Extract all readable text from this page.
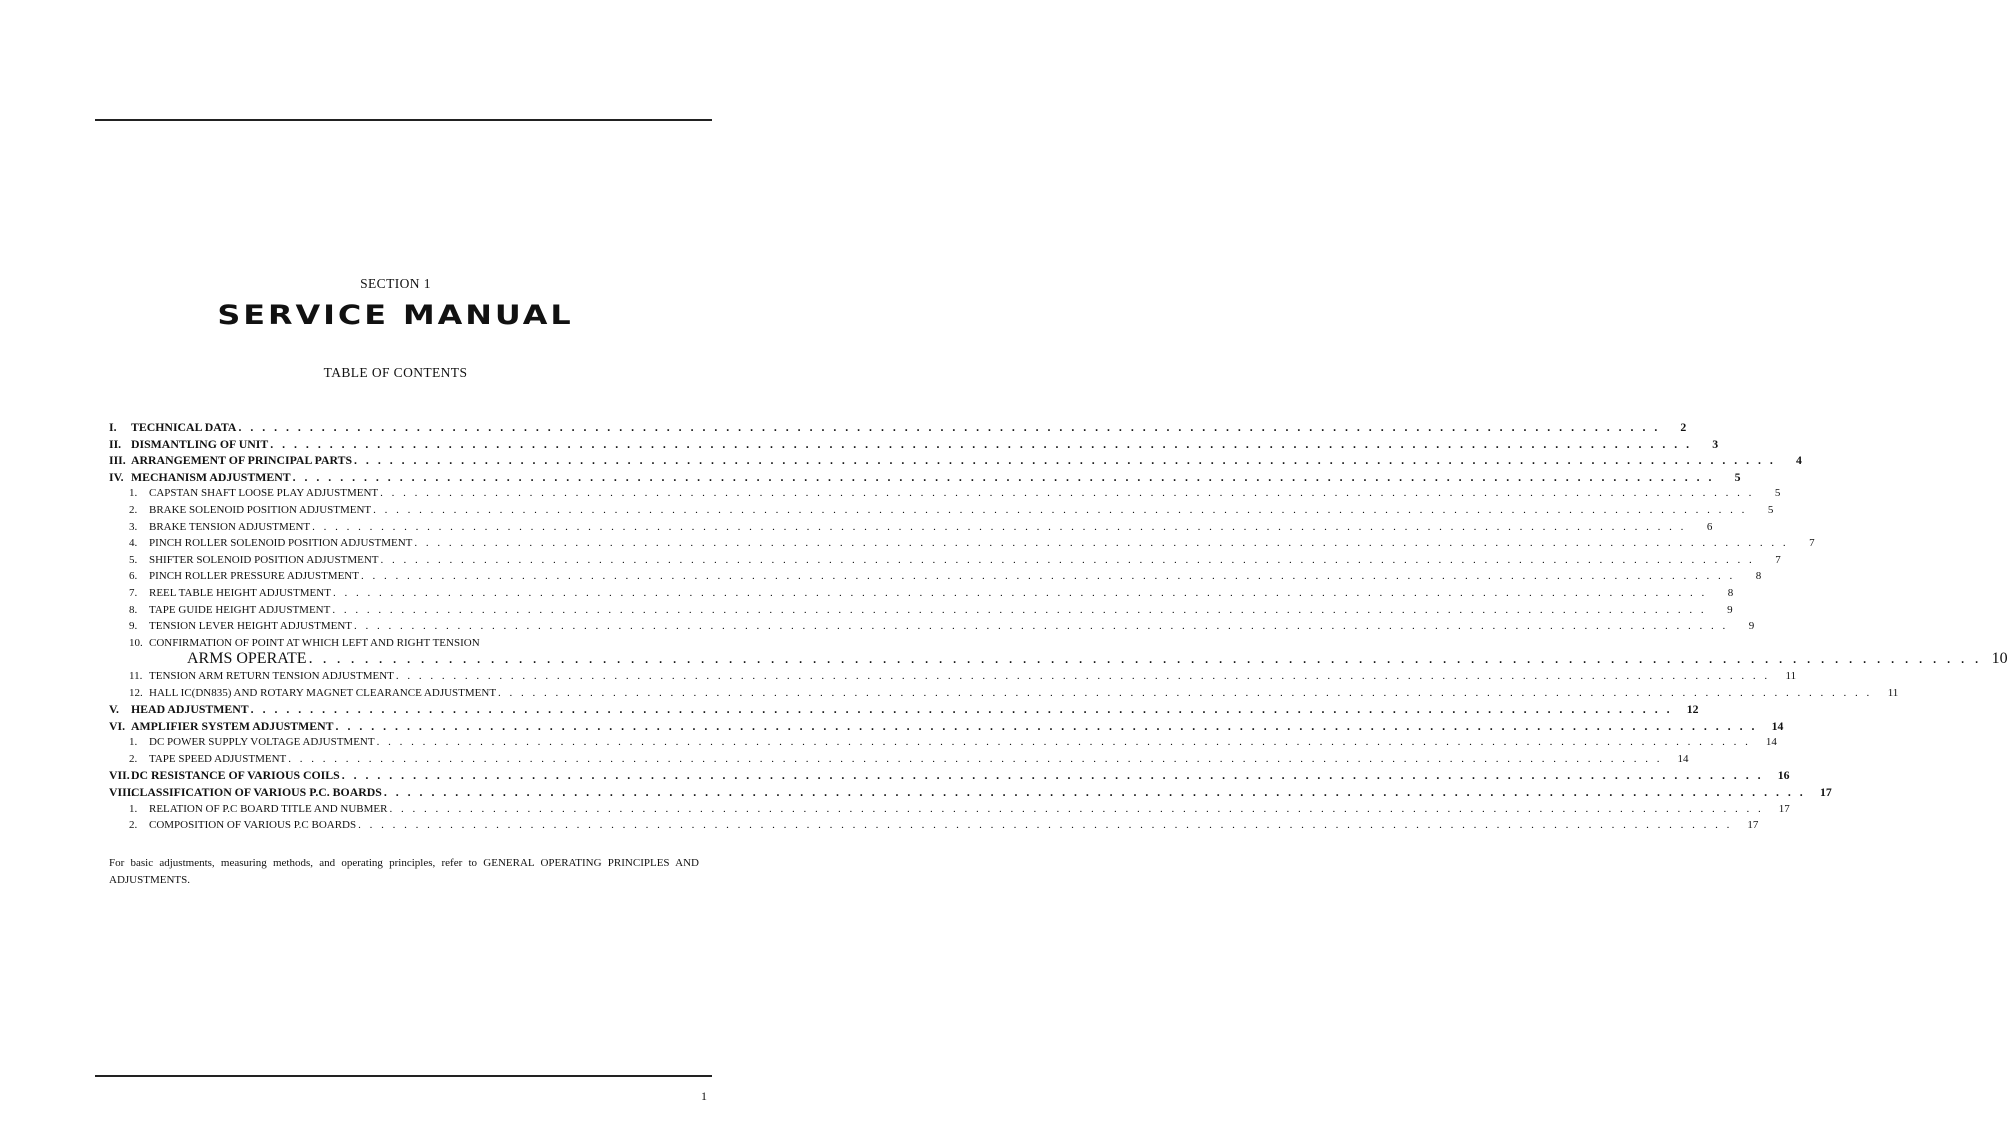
SECTION 1
SERVICE MANUAL
TABLE OF CONTENTS
I. TECHNICAL DATA . . . . . . . . . . . . . . . . . . . . . . . . . . . . . . . . . . . . . . . . . . . . . . . . . . . . . . . . . . . . . . . . . . . . . . . . . . . . . . . . . . . . . . . . . . . . . . . . . . . . . . . . . . . . . . . . . . . . . . . .	2
II. DISMANTLING OF UNIT . . . . . . . . . . . . . . . . . . . . . . . . . . . . . . . . . . . . . . . . . . . . . . . . . . . . . . . . . . . . . . . . . . . . . . . . . . . . . . . . . . . . . . . . . . . . . . . . . . . . . . . . . . . . . . . . . . . . . . . .	3
III. ARRANGEMENT OF PRINCIPAL PARTS . . . . . . . . . . . . . . . . . . . . . . . . . . . . . . . . . . . . . . . . . . . . . . . . . . . . . . . . . . . . . . . . . . . . . . . . . . . . . . . . . . . . . . . . . . . . . . . . . . . . . . . . . . . . . . . . . . . . . . . .	4
IV. MECHANISM ADJUSTMENT . . . . . . . . . . . . . . . . . . . . . . . . . . . . . . . . . . . . . . . . . . . . . . . . . . . . . . . . . . . . . . . . . . . . . . . . . . . . . . . . . . . . . . . . . . . . . . . . . . . . . . . . . . . . . . . . . . . . . . . .	5
1. CAPSTAN SHAFT LOOSE PLAY ADJUSTMENT . . . . . . . . . . . . . . . . . . . . . . . . . . . . . . . . . . . . . . . . . . . . . . . . . . . . . . . . . . . . . . . . . . . . . . . . . . . . . . . . . . . . . . . . . . . . . . . . . . . . . . . . . . . . . . . . . . . . . . . .	5
2. BRAKE SOLENOID POSITION ADJUSTMENT . . . . . . . . . . . . . . . . . . . . . . . . . . . . . . . . . . . . . . . . . . . . . . . . . . . . . . . . . . . . . . . . . . . . . . . . . . . . . . . . . . . . . . . . . . . . . . . . . . . . . . . . . . . . . . . . . . . . . . . .	5
3. BRAKE TENSION ADJUSTMENT . . . . . . . . . . . . . . . . . . . . . . . . . . . . . . . . . . . . . . . . . . . . . . . . . . . . . . . . . . . . . . . . . . . . . . . . . . . . . . . . . . . . . . . . . . . . . . . . . . . . . . . . . . . . . . . . . . . . . . . .	6
4. PINCH ROLLER SOLENOID POSITION ADJUSTMENT . . . . . . . . . . . . . . . . . . . . . . . . . . . . . . . . . . . . . . . . . . . . . . . . . . . . . . . . . . . . . . . . . . . . . . . . . . . . . . . . . . . . . . . . . . . . . . . . . . . . . . . . . . . . . . . . . . . . . . . .	7
5. SHIFTER SOLENOID POSITION ADJUSTMENT . . . . . . . . . . . . . . . . . . . . . . . . . . . . . . . . . . . . . . . . . . . . . . . . . . . . . . . . . . . . . . . . . . . . . . . . . . . . . . . . . . . . . . . . . . . . . . . . . . . . . . . . . . . . . . . . . . . . . . . .	7
6. PINCH ROLLER PRESSURE ADJUSTMENT . . . . . . . . . . . . . . . . . . . . . . . . . . . . . . . . . . . . . . . . . . . . . . . . . . . . . . . . . . . . . . . . . . . . . . . . . . . . . . . . . . . . . . . . . . . . . . . . . . . . . . . . . . . . . . . . . . . . . . . .	8
7. REEL TABLE HEIGHT ADJUSTMENT . . . . . . . . . . . . . . . . . . . . . . . . . . . . . . . . . . . . . . . . . . . . . . . . . . . . . . . . . . . . . . . . . . . . . . . . . . . . . . . . . . . . . . . . . . . . . . . . . . . . . . . . . . . . . . . . . . . . . . . .	8
8. TAPE GUIDE HEIGHT ADJUSTMENT . . . . . . . . . . . . . . . . . . . . . . . . . . . . . . . . . . . . . . . . . . . . . . . . . . . . . . . . . . . . . . . . . . . . . . . . . . . . . . . . . . . . . . . . . . . . . . . . . . . . . . . . . . . . . . . . . . . . . . . .	9
9. TENSION LEVER HEIGHT ADJUSTMENT . . . . . . . . . . . . . . . . . . . . . . . . . . . . . . . . . . . . . . . . . . . . . . . . . . . . . . . . . . . . . . . . . . . . . . . . . . . . . . . . . . . . . . . . . . . . . . . . . . . . . . . . . . . . . . . . . . . . . . . .	9
10. CONFIRMATION OF POINT AT WHICH LEFT AND RIGHT TENSION
ARMS OPERATE . . . . . . . . . . . . . . . . . . . . . . . . . . . . . . . . . . . . . . . . . . . . . . . . . . . . . . . . . . . . . . . . . . . . . . . . . . . . . . . . . . . . . . . . . . . . . . . . . . . . . . . . . . . . . . . . . . . . . . . . 10
11. TENSION ARM RETURN TENSION ADJUSTMENT . . . . . . . . . . . . . . . . . . . . . . . . . . . . . . . . . . . . . . . . . . . . . . . . . . . . . . . . . . . . . . . . . . . . . . . . . . . . . . . . . . . . . . . . . . . . . . . . . . . . . . . . . . . . . . . . . . . . . . . .	11
12. HALL IC(DN835) AND ROTARY MAGNET CLEARANCE ADJUSTMENT . . . . . . . . . . . . . . . . . . . . . . . . . . . . . . . . . . . . . . . . . . . . . . . . . . . . . . . . . . . . . . . . . . . . . . . . . . . . . . . . . . . . . . . . . . . . . . . . . . . . . . . . . . . . . . . . . . . . . . . .	11
V. HEAD ADJUSTMENT . . . . . . . . . . . . . . . . . . . . . . . . . . . . . . . . . . . . . . . . . . . . . . . . . . . . . . . . . . . . . . . . . . . . . . . . . . . . . . . . . . . . . . . . . . . . . . . . . . . . . . . . . . . . . . . . . . . . . . . .	12
VI. AMPLIFIER SYSTEM ADJUSTMENT . . . . . . . . . . . . . . . . . . . . . . . . . . . . . . . . . . . . . . . . . . . . . . . . . . . . . . . . . . . . . . . . . . . . . . . . . . . . . . . . . . . . . . . . . . . . . . . . . . . . . . . . . . . . . . . . . . . . . . . .	14
1. DC POWER SUPPLY VOLTAGE ADJUSTMENT . . . . . . . . . . . . . . . . . . . . . . . . . . . . . . . . . . . . . . . . . . . . . . . . . . . . . . . . . . . . . . . . . . . . . . . . . . . . . . . . . . . . . . . . . . . . . . . . . . . . . . . . . . . . . . . . . . . . . . . .	14
2. TAPE SPEED ADJUSTMENT . . . . . . . . . . . . . . . . . . . . . . . . . . . . . . . . . . . . . . . . . . . . . . . . . . . . . . . . . . . . . . . . . . . . . . . . . . . . . . . . . . . . . . . . . . . . . . . . . . . . . . . . . . . . . . . . . . . . . . . .	14
VII. DC RESISTANCE OF VARIOUS COILS . . . . . . . . . . . . . . . . . . . . . . . . . . . . . . . . . . . . . . . . . . . . . . . . . . . . . . . . . . . . . . . . . . . . . . . . . . . . . . . . . . . . . . . . . . . . . . . . . . . . . . . . . . . . . . . . . . . . . . . .	16
VIII.
CLASSIFICATION OF VARIOUS P.C. BOARDS . . . . . . . . . . . . . . . . . . . . . . . . . . . . . . . . . . . . . . . . . . . . . . . . . . . . . . . . . . . . . . . . . . . . . . . . . . . . . . . . . . . . . . . . . . . . . . . . . . . . . . . . . . . . . . . . . . . . . . . .	17
1. RELATION OF P.C BOARD TITLE AND NUBMER . . . . . . . . . . . . . . . . . . . . . . . . . . . . . . . . . . . . . . . . . . . . . . . . . . . . . . . . . . . . . . . . . . . . . . . . . . . . . . . . . . . . . . . . . . . . . . . . . . . . . . . . . . . . . . . . . . . . . . . .	17
2. COMPOSITION OF VARIOUS P.C BOARDS . . . . . . . . . . . . . . . . . . . . . . . . . . . . . . . . . . . . . . . . . . . . . . . . . . . . . . . . . . . . . . . . . . . . . . . . . . . . . . . . . . . . . . . . . . . . . . . . . . . . . . . . . . . . . . . . . . . . . . . .	17
For basic adjustments, measuring methods, and operating principles, refer to GENERAL OPERATING PRINCIPLES AND ADJUSTMENTS.
1
